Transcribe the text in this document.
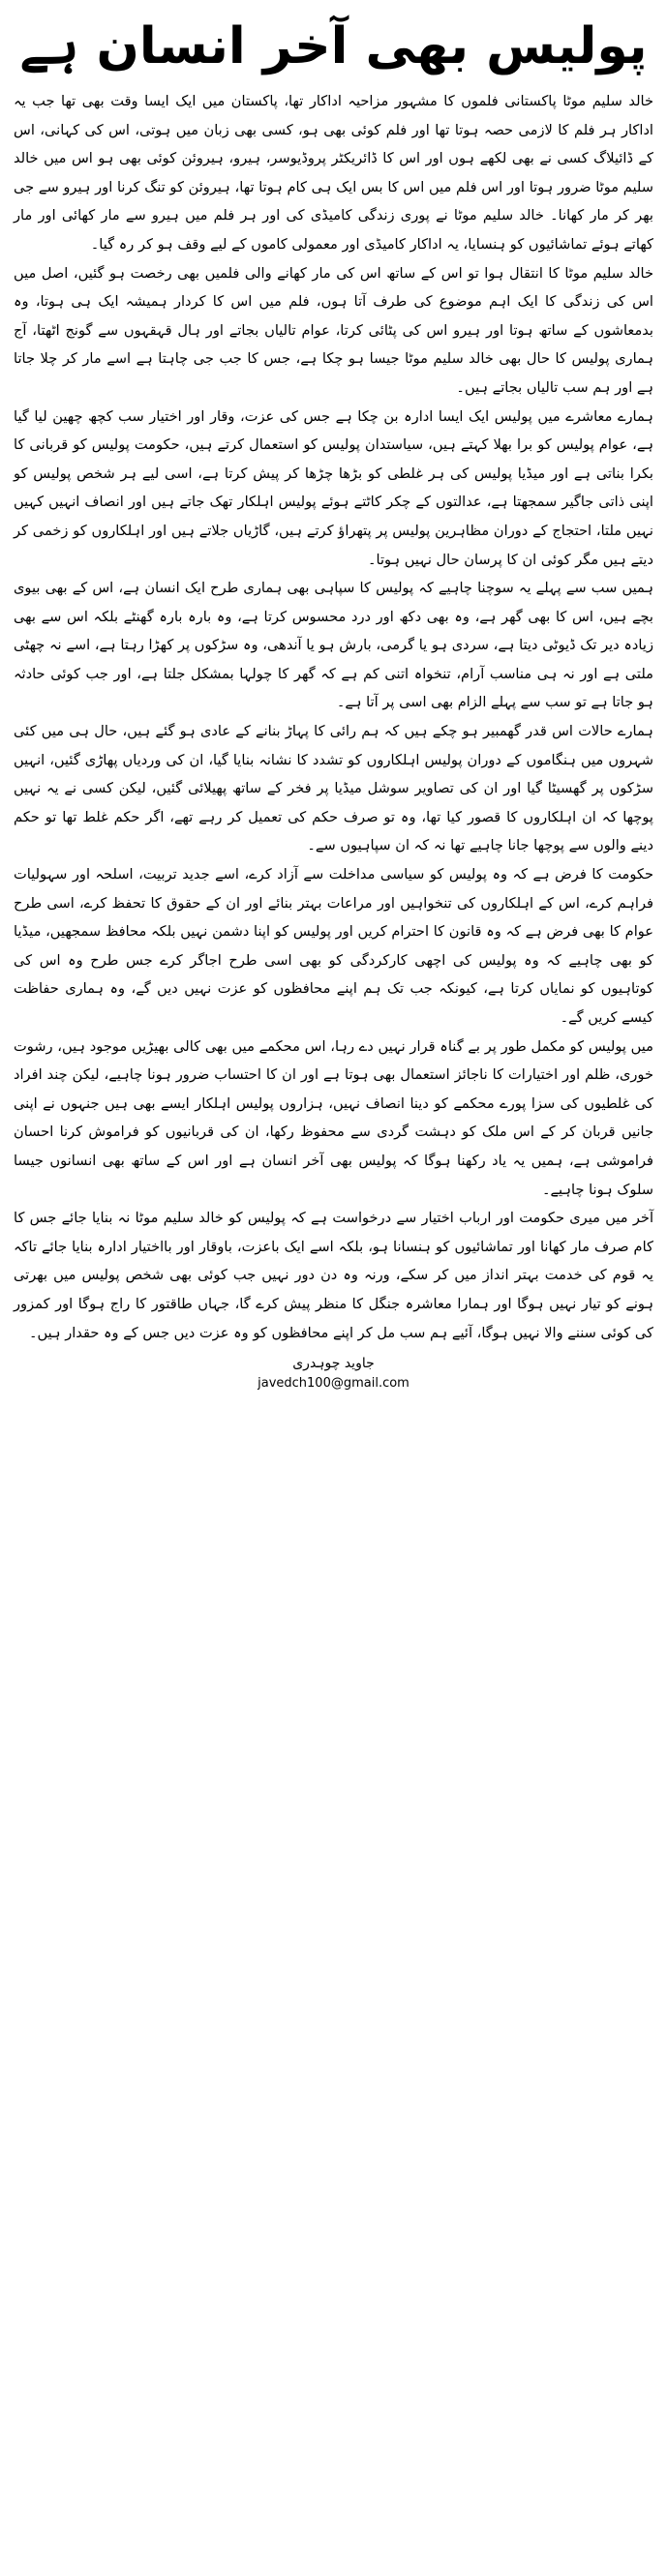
پولیس بھی آخر انسان ہے

خالد سلیم موٹا پاکستانی فلموں کا مشہور مزاحیہ اداکار تھا، پاکستان میں ایک ایسا وقت بھی تھا جب یہ اداکار ہر فلم کا لازمی حصہ ہوتا تھا اور فلم کوئی بھی ہو، کسی بھی زبان میں ہوتی، اس کی کہانی، اس کے ڈائیلاگ کسی نے بھی لکھے ہوں اور اس کا ڈائریکٹر پروڈیوسر، ہیرو، ہیروئن کوئی بھی ہو اس میں خالد سلیم موٹا ضرور ہوتا اور اس فلم میں اس کا بس ایک ہی کام ہوتا تھا، ہیروئن کو تنگ کرنا اور ہیرو سے جی بھر کر مار کھانا۔ خالد سلیم موٹا نے پوری زندگی کامیڈی کی اور ہر فلم میں ہیرو سے مار کھائی اور مار کھاتے ہوئے تماشائیوں کو ہنسایا، یہ اداکار کامیڈی اور معمولی کاموں کے لیے وقف ہو کر رہ گیا۔

خالد سلیم موٹا کا انتقال ہوا تو اس کے ساتھ اس کی مار کھانے والی فلمیں بھی رخصت ہو گئیں، اصل میں اس کی زندگی کا ایک اہم موضوع کی طرف آتا ہوں، فلم میں اس کا کردار ہمیشہ ایک ہی ہوتا، وہ بدمعاشوں کے ساتھ ہوتا اور ہیرو اس کی پٹائی کرتا، عوام تالیاں بجاتے اور ہال قہقہوں سے گونج اٹھتا، آج ہماری پولیس کا حال بھی خالد سلیم موٹا جیسا ہو چکا ہے، جس کا جب جی چاہتا ہے اسے مار کر چلا جاتا ہے اور ہم سب تالیاں بجاتے ہیں۔

ہمارے معاشرے میں پولیس ایک ایسا ادارہ بن چکا ہے جس کی عزت، وقار اور اختیار سب کچھ چھین لیا گیا ہے، عوام پولیس کو برا بھلا کہتے ہیں، سیاستدان پولیس کو استعمال کرتے ہیں، حکومت پولیس کو قربانی کا بکرا بناتی ہے اور میڈیا پولیس کی ہر غلطی کو بڑھا چڑھا کر پیش کرتا ہے، اسی لیے ہر شخص پولیس کو اپنی ذاتی جاگیر سمجھتا ہے، عدالتوں کے چکر کاٹتے ہوئے پولیس اہلکار تھک جاتے ہیں اور انصاف انہیں کہیں نہیں ملتا، احتجاج کے دوران مظاہرین پولیس پر پتھراؤ کرتے ہیں، گاڑیاں جلاتے ہیں اور اہلکاروں کو زخمی کر دیتے ہیں مگر کوئی ان کا پرسان حال نہیں ہوتا۔

ہمیں سب سے پہلے یہ سوچنا چاہیے کہ پولیس کا سپاہی بھی ہماری طرح ایک انسان ہے، اس کے بھی بیوی بچے ہیں، اس کا بھی گھر ہے، وہ بھی دکھ اور درد محسوس کرتا ہے، وہ بارہ بارہ گھنٹے بلکہ اس سے بھی زیادہ دیر تک ڈیوٹی دیتا ہے، سردی ہو یا گرمی، بارش ہو یا آندھی، وہ سڑکوں پر کھڑا رہتا ہے، اسے نہ چھٹی ملتی ہے اور نہ ہی مناسب آرام، تنخواہ اتنی کم ہے کہ گھر کا چولہا بمشکل جلتا ہے، اور جب کوئی حادثہ ہو جاتا ہے تو سب سے پہلے الزام بھی اسی پر آتا ہے۔

ہمارے حالات اس قدر گھمبیر ہو چکے ہیں کہ ہم رائی کا پہاڑ بنانے کے عادی ہو گئے ہیں، حال ہی میں کئی شہروں میں ہنگاموں کے دوران پولیس اہلکاروں کو تشدد کا نشانہ بنایا گیا، ان کی وردیاں پھاڑی گئیں، انہیں سڑکوں پر گھسیٹا گیا اور ان کی تصاویر سوشل میڈیا پر فخر کے ساتھ پھیلائی گئیں، لیکن کسی نے یہ نہیں پوچھا کہ ان اہلکاروں کا قصور کیا تھا، وہ تو صرف حکم کی تعمیل کر رہے تھے، اگر حکم غلط تھا تو حکم دینے والوں سے پوچھا جانا چاہیے تھا نہ کہ ان سپاہیوں سے۔

حکومت کا فرض ہے کہ وہ پولیس کو سیاسی مداخلت سے آزاد کرے، اسے جدید تربیت، اسلحہ اور سہولیات فراہم کرے، اس کے اہلکاروں کی تنخواہیں اور مراعات بہتر بنائے اور ان کے حقوق کا تحفظ کرے، اسی طرح عوام کا بھی فرض ہے کہ وہ قانون کا احترام کریں اور پولیس کو اپنا دشمن نہیں بلکہ محافظ سمجھیں، میڈیا کو بھی چاہیے کہ وہ پولیس کی اچھی کارکردگی کو بھی اسی طرح اجاگر کرے جس طرح وہ اس کی کوتاہیوں کو نمایاں کرتا ہے، کیونکہ جب تک ہم اپنے محافظوں کو عزت نہیں دیں گے، وہ ہماری حفاظت کیسے کریں گے۔

میں پولیس کو مکمل طور پر بے گناہ قرار نہیں دے رہا، اس محکمے میں بھی کالی بھیڑیں موجود ہیں، رشوت خوری، ظلم اور اختیارات کا ناجائز استعمال بھی ہوتا ہے اور ان کا احتساب ضرور ہونا چاہیے، لیکن چند افراد کی غلطیوں کی سزا پورے محکمے کو دینا انصاف نہیں، ہزاروں پولیس اہلکار ایسے بھی ہیں جنہوں نے اپنی جانیں قربان کر کے اس ملک کو دہشت گردی سے محفوظ رکھا، ان کی قربانیوں کو فراموش کرنا احسان فراموشی ہے، ہمیں یہ یاد رکھنا ہوگا کہ پولیس بھی آخر انسان ہے اور اس کے ساتھ بھی انسانوں جیسا سلوک ہونا چاہیے۔

آخر میں میری حکومت اور ارباب اختیار سے درخواست ہے کہ پولیس کو خالد سلیم موٹا نہ بنایا جائے جس کا کام صرف مار کھانا اور تماشائیوں کو ہنسانا ہو، بلکہ اسے ایک باعزت، باوقار اور بااختیار ادارہ بنایا جائے تاکہ یہ قوم کی خدمت بہتر انداز میں کر سکے، ورنہ وہ دن دور نہیں جب کوئی بھی شخص پولیس میں بھرتی ہونے کو تیار نہیں ہوگا اور ہمارا معاشرہ جنگل کا منظر پیش کرے گا، جہاں طاقتور کا راج ہوگا اور کمزور کی کوئی سننے والا نہیں ہوگا، آئیے ہم سب مل کر اپنے محافظوں کو وہ عزت دیں جس کے وہ حقدار ہیں۔

جاوید چوہدری
javedch100@gmail.com
